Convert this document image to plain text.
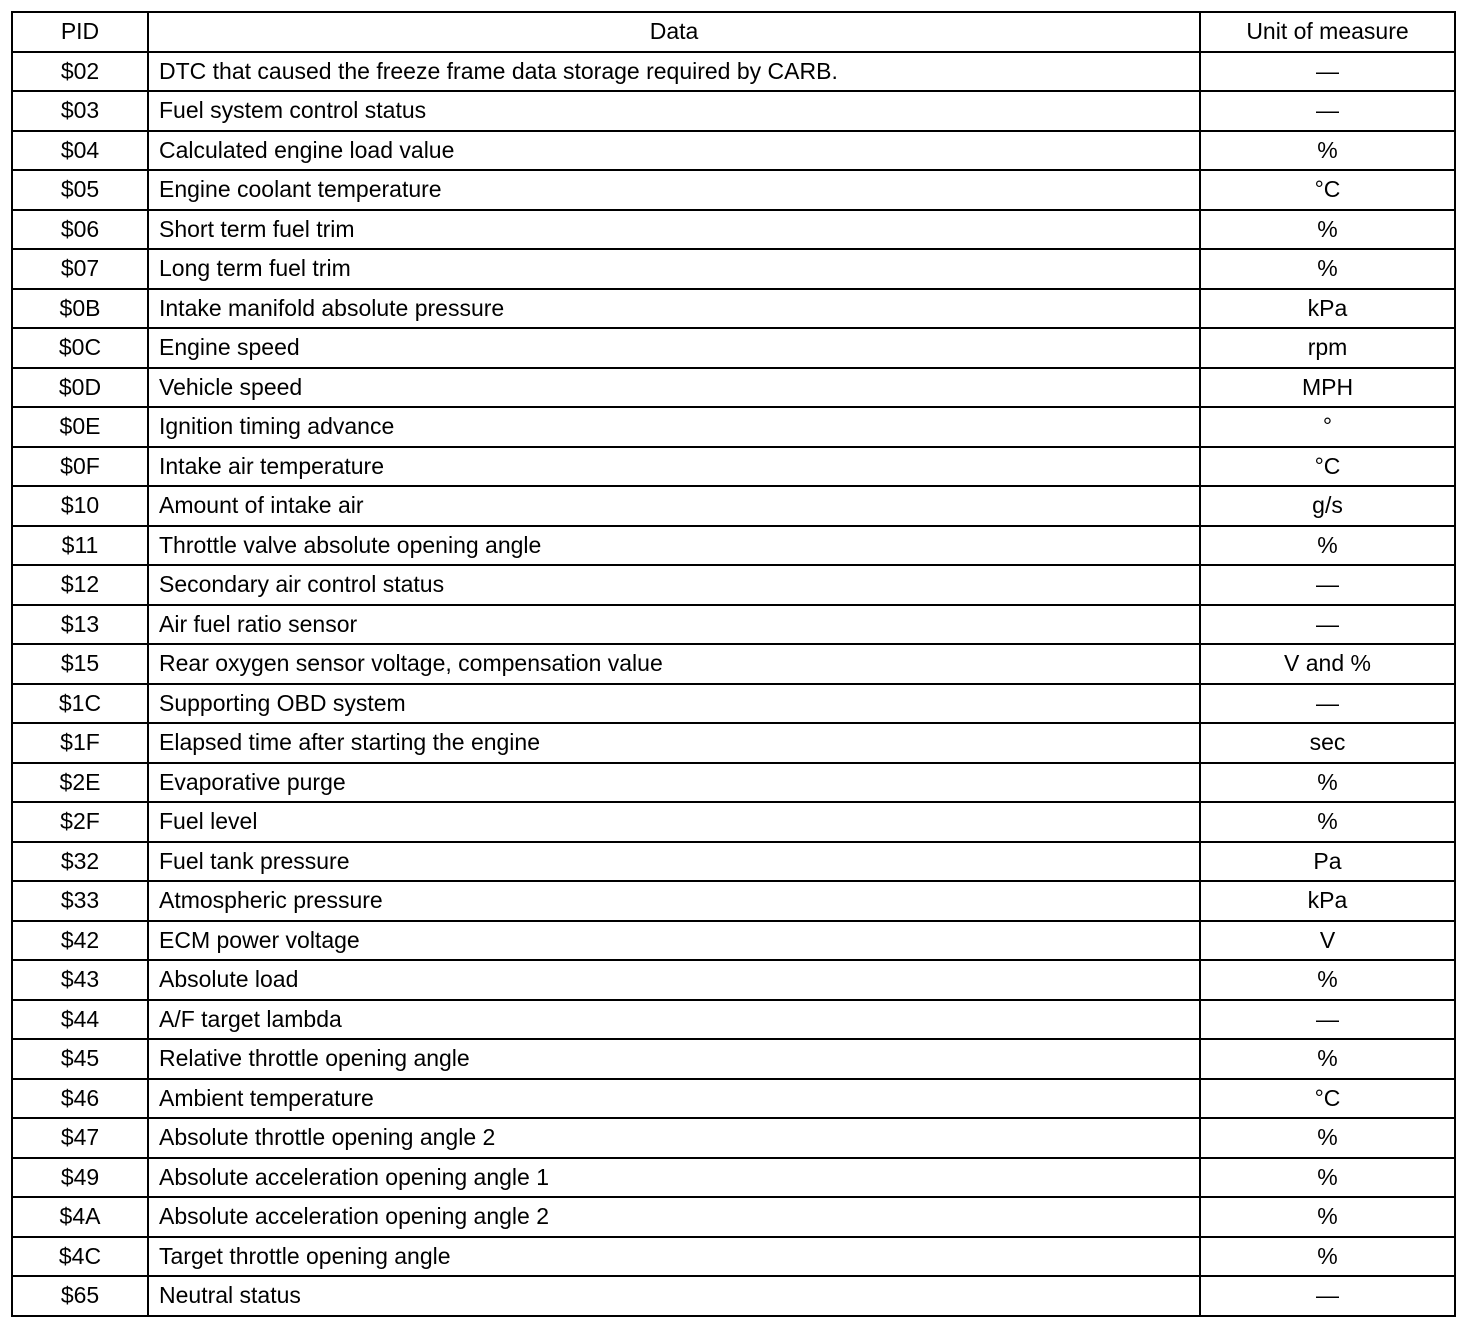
PID	Data	Unit of measure
$02	DTC that caused the freeze frame data storage required by CARB.	—
$03	Fuel system control status	—
$04	Calculated engine load value	%
$05	Engine coolant temperature	°C
$06	Short term fuel trim	%
$07	Long term fuel trim	%
$0B	Intake manifold absolute pressure	kPa
$0C	Engine speed	rpm
$0D	Vehicle speed	MPH
$0E	Ignition timing advance	°
$0F	Intake air temperature	°C
$10	Amount of intake air	g/s
$11	Throttle valve absolute opening angle	%
$12	Secondary air control status	—
$13	Air fuel ratio sensor	—
$15	Rear oxygen sensor voltage, compensation value	V and %
$1C	Supporting OBD system	—
$1F	Elapsed time after starting the engine	sec
$2E	Evaporative purge	%
$2F	Fuel level	%
$32	Fuel tank pressure	Pa
$33	Atmospheric pressure	kPa
$42	ECM power voltage	V
$43	Absolute load	%
$44	A/F target lambda	—
$45	Relative throttle opening angle	%
$46	Ambient temperature	°C
$47	Absolute throttle opening angle 2	%
$49	Absolute acceleration opening angle 1	%
$4A	Absolute acceleration opening angle 2	%
$4C	Target throttle opening angle	%
$65	Neutral status	—
